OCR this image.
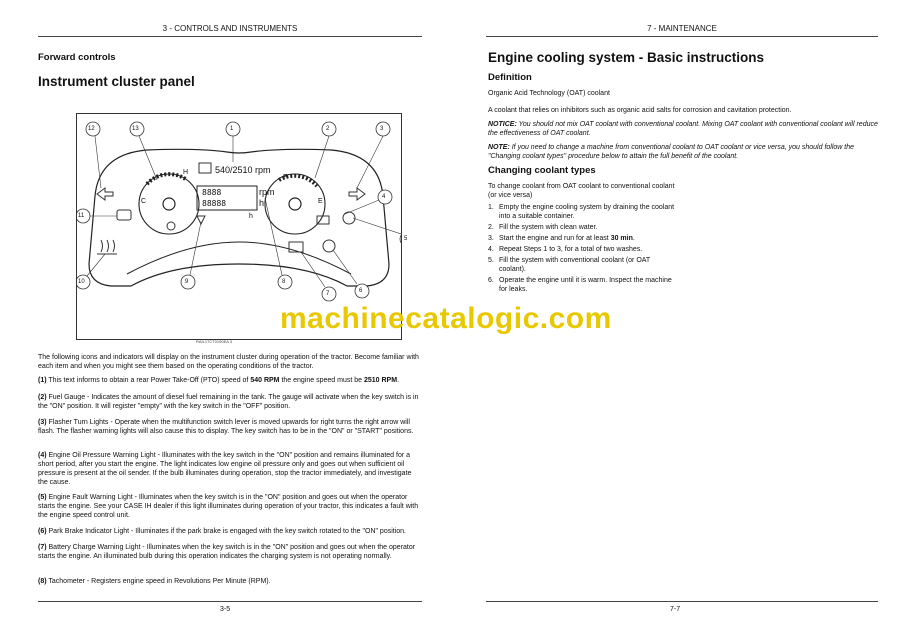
3 - CONTROLS AND INSTRUMENTS
Forward controls
Instrument cluster panel
1	2	3
4
5
6
7
8
9
10
11
12	13
540/2510 rpm
H
C
F
E
8888
88888
rpm
h
h
RAIL17CT0190EA 3
The following icons and indicators will display on the instrument cluster during operation of the tractor. Become familiar with each item and when you might see them based on the operating conditions of the tractor.
(1) This text informs to obtain a rear Power Take-Off (PTO) speed of 540 RPM the engine speed must be 2510 RPM.
(2) Fuel Gauge - Indicates the amount of diesel fuel remaining in the tank. The gauge will activate when the key switch is in the "ON" position. It will register "empty" with the key switch in the "OFF" position.
(3) Flasher Turn Lights - Operate when the multifunction switch lever is moved upwards for right turns the right arrow will flash. The flasher warning lights will also cause this to display. The key switch has to be in the "ON" or "START" positions.
(4) Engine Oil Pressure Warning Light - Illuminates with the key switch in the "ON" position and remains illuminated for a short period, after you start the engine. The light indicates low engine oil pressure only and goes out when sufficient oil pressure is present at the oil sender. If the bulb illuminates during operation, stop the tractor immediately, and investigate the cause.
(5) Engine Fault Warning Light - Illuminates when the key switch is in the "ON" position and goes out when the operator starts the engine. See your CASE IH dealer if this light illuminates during operation of your tractor, this indicates a fault with the engine speed control unit.
(6) Park Brake Indicator Light - Illuminates if the park brake is engaged with the key switch rotated to the "ON" position.
(7) Battery Charge Warning Light - Illuminates when the key switch is in the "ON" position and goes out when the operator starts the engine. An illuminated bulb during this operation indicates the charging system is not operating normally.
(8) Tachometer - Registers engine speed in Revolutions Per Minute (RPM).
3-5
7 - MAINTENANCE
Engine cooling system - Basic instructions
Definition
Organic Acid Technology (OAT) coolant
A coolant that relies on inhibitors such as organic acid salts for corrosion and cavitation protection.
NOTICE: You should not mix OAT coolant with conventional coolant. Mixing OAT coolant with conventional coolant will reduce the effectiveness of OAT coolant.
NOTE: If you need to change a machine from conventional coolant to OAT coolant or vice versa, you should follow the "Changing coolant types" procedure below to attain the full benefit of the coolant.
Changing coolant types
To change coolant from OAT coolant to conventional coolant (or vice versa)
1. Empty the engine cooling system by draining the coolant into a suitable container.
2. Fill the system with clean water.
3. Start the engine and run for at least 30 min.
4. Repeat Steps 1 to 3, for a total of two washes.
5. Fill the system with conventional coolant (or OAT coolant).
6. Operate the engine until it is warm. Inspect the machine for leaks.
7-7
machinecatalogic.com
